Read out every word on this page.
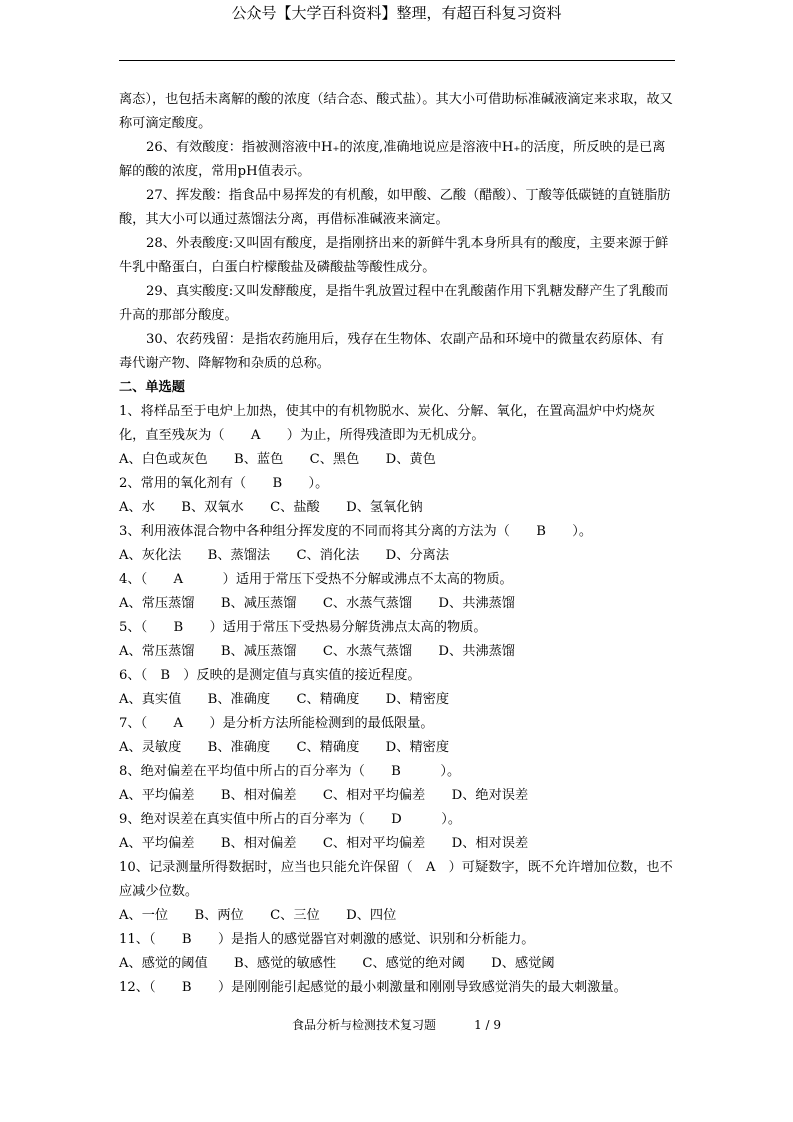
公众号【大学百科资料】整理，有超百科复习资料

离态），也包括未离解的酸的浓度（结合态、酸式盐）。其大小可借助标准碱液滴定来求取，故又称可滴定酸度。

26、有效酸度：指被测溶液中H₊的浓度,准确地说应是溶液中H₊的活度，所反映的是已离解的酸的浓度，常用pH值表示。

27、挥发酸：指食品中易挥发的有机酸，如甲酸、乙酸（醋酸）、丁酸等低碳链的直链脂肪酸，其大小可以通过蒸馏法分离，再借标准碱液来滴定。

28、外表酸度:又叫固有酸度，是指刚挤出来的新鲜牛乳本身所具有的酸度，主要来源于鲜牛乳中酪蛋白，白蛋白柠檬酸盐及磷酸盐等酸性成分。

29、真实酸度:又叫发酵酸度，是指牛乳放置过程中在乳酸菌作用下乳糖发酵产生了乳酸而升高的那部分酸度。

30、农药残留：是指农药施用后，残存在生物体、农副产品和环境中的微量农药原体、有毒代谢产物、降解物和杂质的总称。

二、单选题

1、将样品至于电炉上加热，使其中的有机物脱水、炭化、分解、氧化，在置高温炉中灼烧灰化，直至残灰为（　　A　　）为止，所得残渣即为无机成分。

A、白色或灰色　　B、蓝色　　C、黑色　　D、黄色

2、常用的氧化剂有（　　B　　）。

A、水　　B、双氧水　　C、盐酸　　D、氢氧化钠

3、利用液体混合物中各种组分挥发度的不同而将其分离的方法为（　　B　　）。

A、灰化法　　B、蒸馏法　　C、消化法　　D、分离法

4、（　　A　　　）适用于常压下受热不分解或沸点不太高的物质。

A、常压蒸馏　　B、减压蒸馏　　C、水蒸气蒸馏　　D、共沸蒸馏

5、（　　B　　）适用于常压下受热易分解货沸点太高的物质。

A、常压蒸馏　　B、减压蒸馏　　C、水蒸气蒸馏　　D、共沸蒸馏

6、（　B　）反映的是测定值与真实值的接近程度。

A、真实值　　B、准确度　　C、精确度　　D、精密度

7、（　　A　　）是分析方法所能检测到的最低限量。

A、灵敏度　　B、准确度　　C、精确度　　D、精密度

8、绝对偏差在平均值中所占的百分率为（　　B　　　）。

A、平均偏差　　B、相对偏差　　C、相对平均偏差　　D、绝对误差

9、绝对误差在真实值中所占的百分率为（　　D　　　）。

A、平均偏差　　B、相对偏差　　C、相对平均偏差　　D、相对误差

10、记录测量所得数据时，应当也只能允许保留（　A　）可疑数字，既不允许增加位数，也不应减少位数。

A、一位　　B、两位　　C、三位　　D、四位

11、（　　B　　）是指人的感觉器官对刺激的感觉、识别和分析能力。

A、感觉的阈值　　B、感觉的敏感性　　C、感觉的绝对阈　　D、感觉阈

12、（　　B　　）是刚刚能引起感觉的最小刺激量和刚刚导致感觉消失的最大刺激量。

食品分析与检测技术复习题	1 / 9
